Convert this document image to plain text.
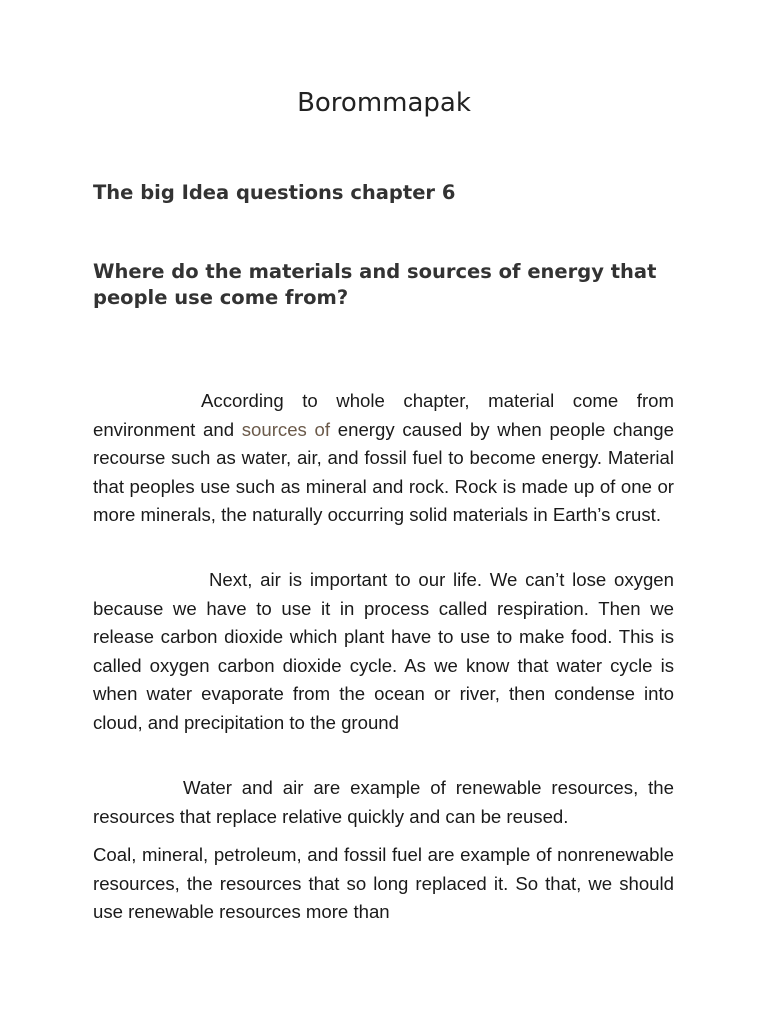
Borommapak
The big Idea questions chapter 6
Where do the materials and sources of energy that people use come from?

According to whole chapter, material come from environment and sources of energy caused by when people change recourse such as water, air, and fossil fuel to become energy. Material that peoples use such as mineral and rock. Rock is made up of one or more minerals, the naturally occurring solid materials in Earth’s crust.

Next, air is important to our life. We can’t lose oxygen because we have to use it in process called respiration. Then we release carbon dioxide which plant have to use to make food. This is called oxygen carbon dioxide cycle. As we know that water cycle is when water evaporate from the ocean or river, then condense into cloud, and precipitation to the ground

Water and air are example of renewable resources, the resources that replace relative quickly and can be reused.

Coal, mineral, petroleum, and fossil fuel are example of nonrenewable resources, the resources that so long replaced it. So that, we should use renewable resources more than
